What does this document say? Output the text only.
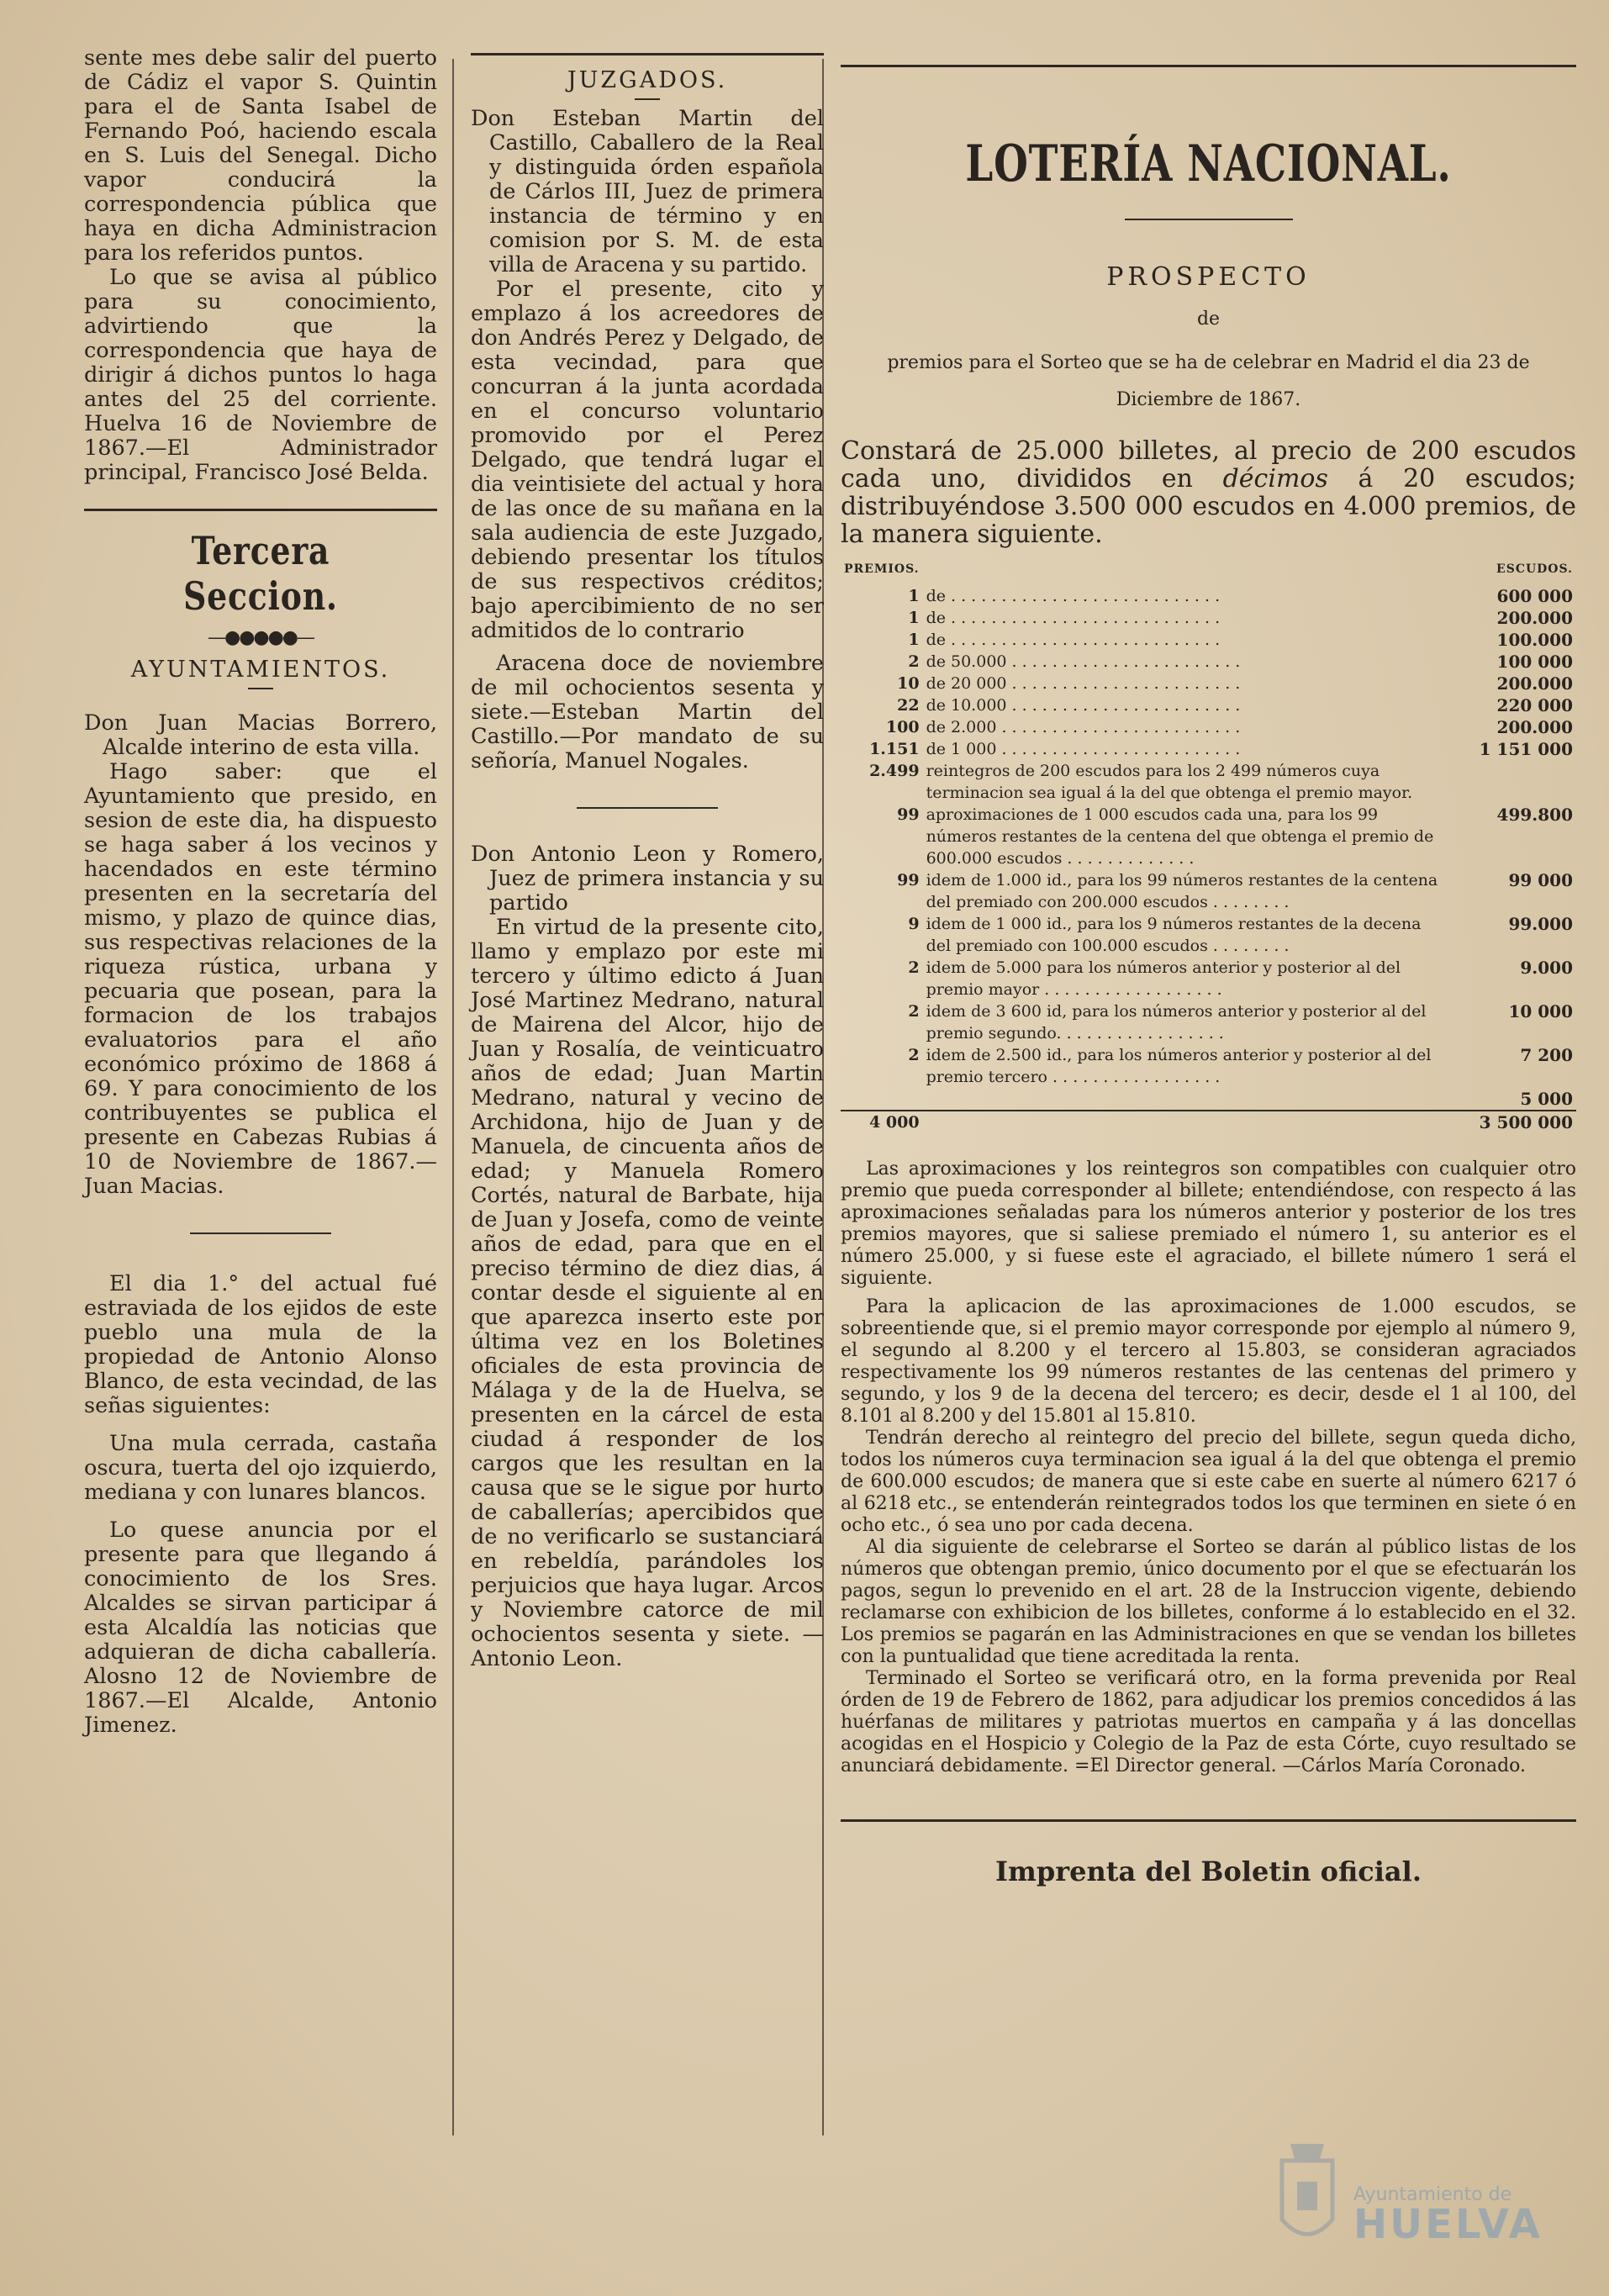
sente mes debe salir del puerto de Cádiz el vapor S. Quintin para el de Santa Isabel de Fernando Poó, haciendo escala en S. Luis del Senegal. Dicho vapor conducirá la correspondencia pública que haya en dicha Administracion para los referidos puntos.

Lo que se avisa al público para su conocimiento, advirtiendo que la correspondencia que haya de dirigir á dichos puntos lo haga antes del 25 del corriente. Huelva 16 de Noviembre de 1867.—El Administrador principal, Francisco José Belda.

Tercera Seccion.
—●●●●●—
AYUNTAMIENTOS.

Don Juan Macias Borrero, Alcalde interino de esta villa.

Hago saber: que el Ayuntamiento que presido, en sesion de este dia, ha dispuesto se haga saber á los vecinos y hacendados en este término presenten en la secretaría del mismo, y plazo de quince dias, sus respectivas relaciones de la riqueza rústica, urbana y pecuaria que posean, para la formacion de los trabajos evaluatorios para el año económico próximo de 1868 á 69. Y para conocimiento de los contribuyentes se publica el presente en Cabezas Rubias á 10 de Noviembre de 1867.—Juan Macias.

El dia 1.° del actual fué estraviada de los ejidos de este pueblo una mula de la propiedad de Antonio Alonso Blanco, de esta vecindad, de las señas siguientes:

Una mula cerrada, castaña oscura, tuerta del ojo izquierdo, mediana y con lunares blancos.

Lo quese anuncia por el presente para que llegando á conocimiento de los Sres. Alcaldes se sirvan participar á esta Alcaldía las noticias que adquieran de dicha caballería. Alosno 12 de Noviembre de 1867.—El Alcalde, Antonio Jimenez.

JUZGADOS.

Don Esteban Martin del Castillo, Caballero de la Real y distinguida órden española de Cárlos III, Juez de primera instancia de término y en comision por S. M. de esta villa de Aracena y su partido.

Por el presente, cito y emplazo á los acreedores de don Andrés Perez y Delgado, de esta vecindad, para que concurran á la junta acordada en el concurso voluntario promovido por el Perez Delgado, que tendrá lugar el dia veintisiete del actual y hora de las once de su mañana en la sala audiencia de este Juzgado, debiendo presentar los títulos de sus respectivos créditos; bajo apercibimiento de no ser admitidos de lo contrario

Aracena doce de noviembre de mil ochocientos sesenta y siete.—Esteban Martin del Castillo.—Por mandato de su señoría, Manuel Nogales.

Don Antonio Leon y Romero, Juez de primera instancia y su partido

En virtud de la presente cito, llamo y emplazo por este mi tercero y último edicto á Juan José Martinez Medrano, natural de Mairena del Alcor, hijo de Juan y Rosalía, de veinticuatro años de edad; Juan Martin Medrano, natural y vecino de Archidona, hijo de Juan y de Manuela, de cincuenta años de edad; y Manuela Romero Cortés, natural de Barbate, hija de Juan y Josefa, como de veinte años de edad, para que en el preciso término de diez dias, á contar desde el siguiente al en que aparezca inserto este por última vez en los Boletines oficiales de esta provincia de Málaga y de la de Huelva, se presenten en la cárcel de esta ciudad á responder de los cargos que les resultan en la causa que se le sigue por hurto de caballerías; apercibidos que de no verificarlo se sustanciará en rebeldía, parándoles los perjuicios que haya lugar. Arcos y Noviembre catorce de mil ochocientos sesenta y siete. —Antonio Leon.

LOTERÍA NACIONAL.
PROSPECTO
de
premios para el Sorteo que se ha de celebrar en Madrid el dia 23 de Diciembre de 1867.
Constará de 25.000 billetes, al precio de 200 escudos cada uno, divididos en décimos á 20 escudos; distribuyéndose 3.500 000 escudos en 4.000 premios, de la manera siguiente.
PREMIOS.		ESCUDOS.
1	de . . . . . . . . . . . . . . . . . . . . . . . . . . .	600 000
1	de . . . . . . . . . . . . . . . . . . . . . . . . . . .	200.000
1	de . . . . . . . . . . . . . . . . . . . . . . . . . . .	100.000
2	de 50.000 . . . . . . . . . . . . . . . . . . . . . . .	100 000
10	de 20 000 . . . . . . . . . . . . . . . . . . . . . . .	200.000
22	de 10.000 . . . . . . . . . . . . . . . . . . . . . . .	220 000
100	de 2.000 . . . . . . . . . . . . . . . . . . . . . . . .	200.000
1.151	de 1 000 . . . . . . . . . . . . . . . . . . . . . . . .	1 151 000
2.499	reintegros de 200 escudos para los 2 499 números cuya terminacion sea igual á la del que obtenga el premio mayor.	
99	aproximaciones de 1 000 escudos cada una, para los 99 números restantes de la centena del que obtenga el premio de 600.000 escudos . . . . . . . . . . . . .	499.800
99	idem de 1.000 id., para los 99 números restantes de la centena del premiado con 200.000 escudos . . . . . . . .	99 000
9	idem de 1 000 id., para los 9 números restantes de la decena del premiado con 100.000 escudos . . . . . . . .	99.000
2	idem de 5.000 para los números anterior y posterior al del premio mayor . . . . . . . . . . . . . . . . . .	9.000
2	idem de 3 600 id, para los números anterior y posterior al del premio segundo. . . . . . . . . . . . . . . . .	10 000
2	idem de 2.500 id., para los números anterior y posterior al del premio tercero . . . . . . . . . . . . . . . . .	7 200
		5 000
4 000		3 500 000

Las aproximaciones y los reintegros son compatibles con cualquier otro premio que pueda corresponder al billete; entendiéndose, con respecto á las aproximaciones señaladas para los números anterior y posterior de los tres premios mayores, que si saliese premiado el número 1, su anterior es el número 25.000, y si fuese este el agraciado, el billete número 1 será el siguiente.

Para la aplicacion de las aproximaciones de 1.000 escudos, se sobreentiende que, si el premio mayor corresponde por ejemplo al número 9, el segundo al 8.200 y el tercero al 15.803, se consideran agraciados respectivamente los 99 números restantes de las centenas del primero y segundo, y los 9 de la decena del tercero; es decir, desde el 1 al 100, del 8.101 al 8.200 y del 15.801 al 15.810.

Tendrán derecho al reintegro del precio del billete, segun queda dicho, todos los números cuya terminacion sea igual á la del que obtenga el premio de 600.000 escudos; de manera que si este cabe en suerte al número 6217 ó al 6218 etc., se entenderán reintegrados todos los que terminen en siete ó en ocho etc., ó sea uno por cada decena.

Al dia siguiente de celebrarse el Sorteo se darán al público listas de los números que obtengan premio, único documento por el que se efectuarán los pagos, segun lo prevenido en el art. 28 de la Instruccion vigente, debiendo reclamarse con exhibicion de los billetes, conforme á lo establecido en el 32. Los premios se pagarán en las Administraciones en que se vendan los billetes con la puntualidad que tiene acreditada la renta.

Terminado el Sorteo se verificará otro, en la forma prevenida por Real órden de 19 de Febrero de 1862, para adjudicar los premios concedidos á las huérfanas de militares y patriotas muertos en campaña y á las doncellas acogidas en el Hospicio y Colegio de la Paz de esta Córte, cuyo resultado se anunciará debidamente. =El Director general. —Cárlos María Coronado.

Imprenta del Boletin oficial.
Ayuntamiento de
HUELVA
